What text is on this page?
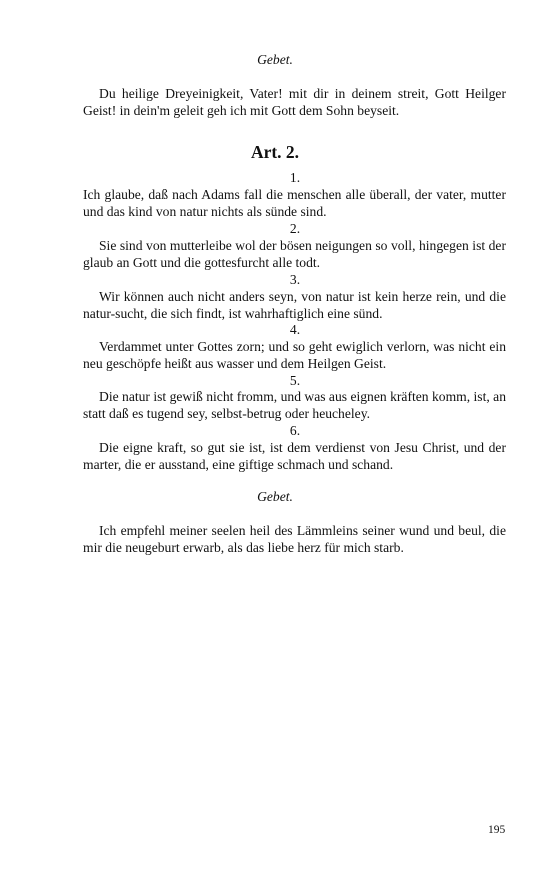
Gebet.

Du heilige Dreyeinigkeit, Vater! mit dir in deinem streit, Gott Heilger Geist! in dein'm geleit geh ich mit Gott dem Sohn beyseit.

Art. 2.

1.

Ich glaube, daß nach Adams fall die menschen alle überall, der vater, mutter und das kind von natur nichts als sünde sind.

2.

Sie sind von mutterleibe wol der bösen neigungen so voll, hingegen ist der glaub an Gott und die gottesfurcht alle todt.

3.

Wir können auch nicht anders seyn, von natur ist kein herze rein, und die natur-sucht, die sich findt, ist wahrhaftiglich eine sünd.

4.

Verdammet unter Gottes zorn; und so geht ewiglich verlorn, was nicht ein neu geschöpfe heißt aus wasser und dem Heilgen Geist.

5.

Die natur ist gewiß nicht fromm, und was aus eignen kräften komm, ist, an statt daß es tugend sey, selbst-betrug oder heucheley.

6.

Die eigne kraft, so gut sie ist, ist dem verdienst von Jesu Christ, und der marter, die er ausstand, eine giftige schmach und schand.

Gebet.

Ich empfehl meiner seelen heil des Lämmleins seiner wund und beul, die mir die neugeburt erwarb, als das liebe herz für mich starb.

195
